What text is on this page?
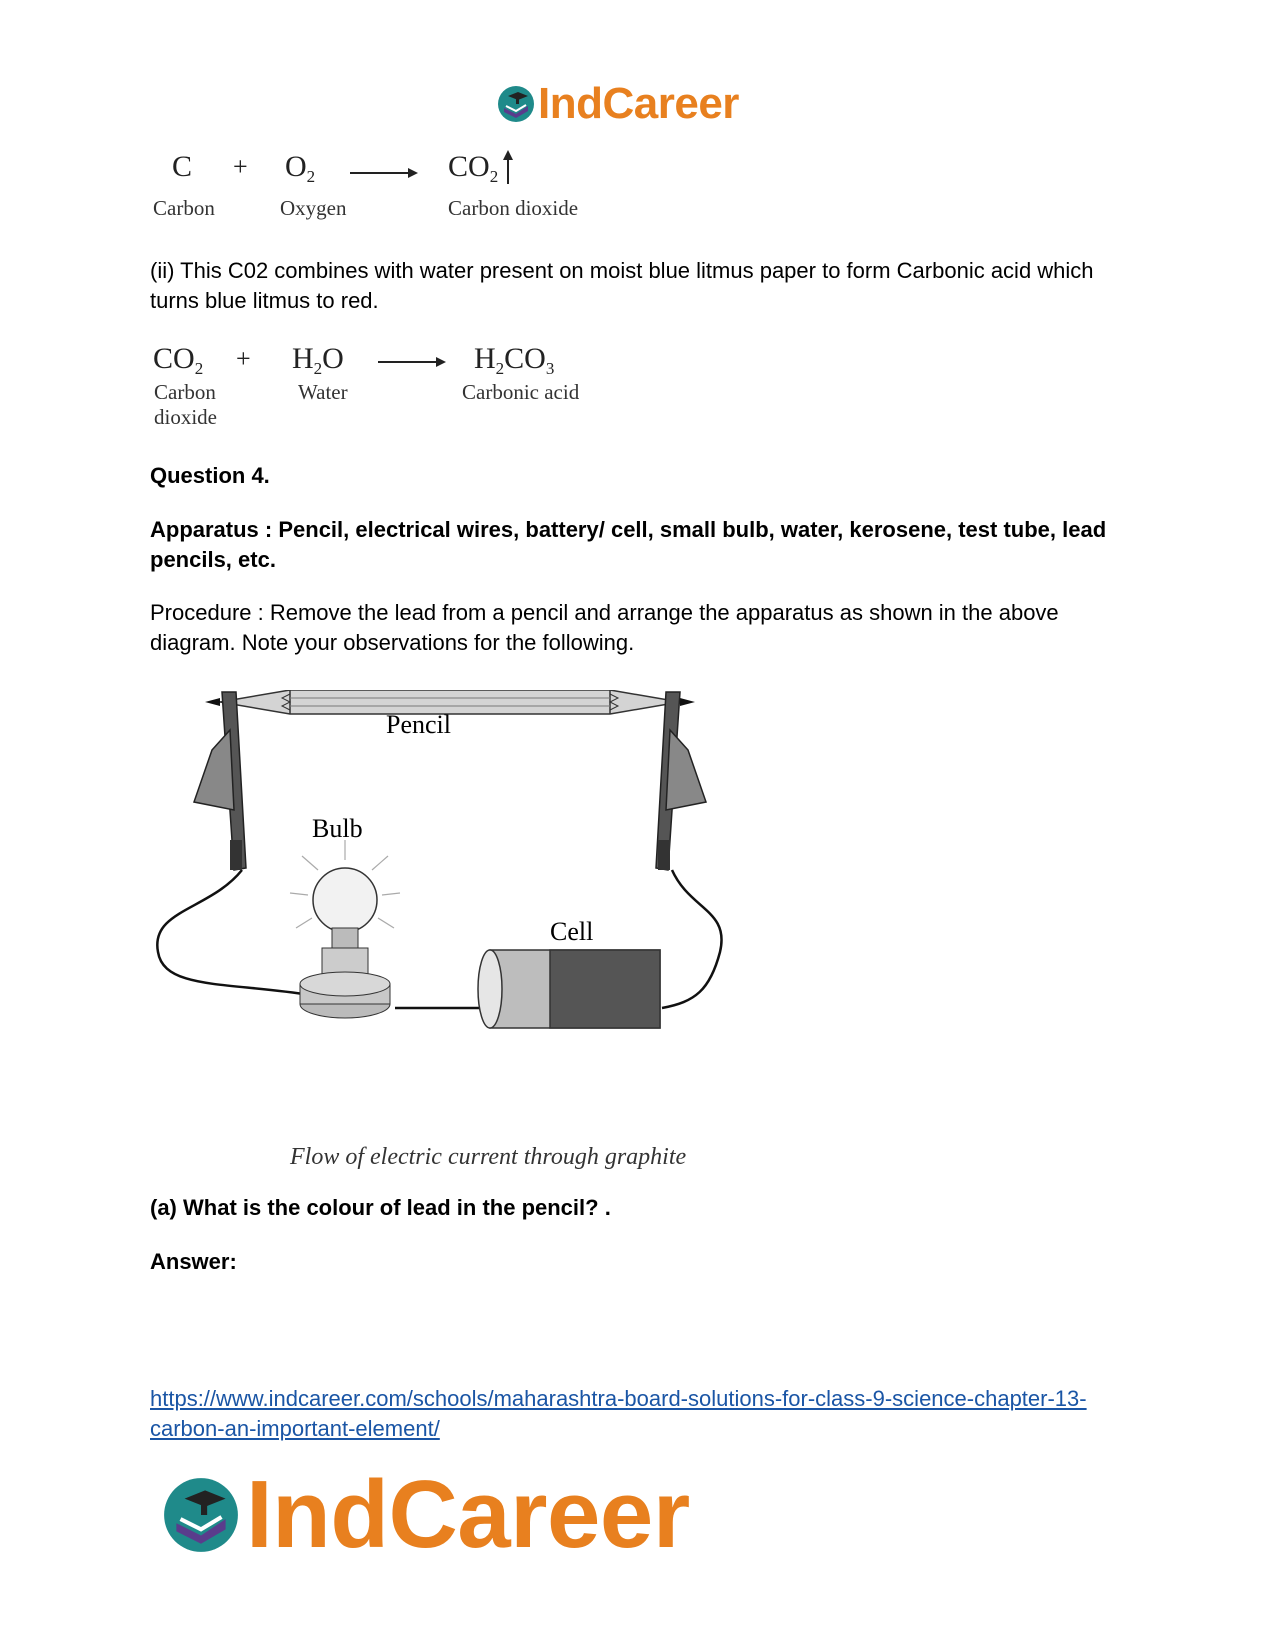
IndCareer
$C + O_2$	$CO_2$
Carbon	Oxygen	Carbon dioxide
(ii) This C02 combines with water present on moist blue litmus paper to form Carbonic acid which turns blue litmus to red.
$CO_2 + H_2O$	$H_2CO_3$
Carbon
dioxide
Water	Carbonic acid
Question 4.
Apparatus : Pencil, electrical wires, battery/ cell, small bulb, water, kerosene, test tube, lead pencils, etc.
Procedure : Remove the lead from a pencil and arrange the apparatus as shown in the above diagram. Note your observations for the following.
Pencil
Bulb
Cell
Flow of electric current through graphite
(a) What is the colour of lead in the pencil? .
Answer:
https://www.indcareer.com/schools/maharashtra-board-solutions-for-class-9-science-chapter-13-carbon-an-important-element/
IndCareer
